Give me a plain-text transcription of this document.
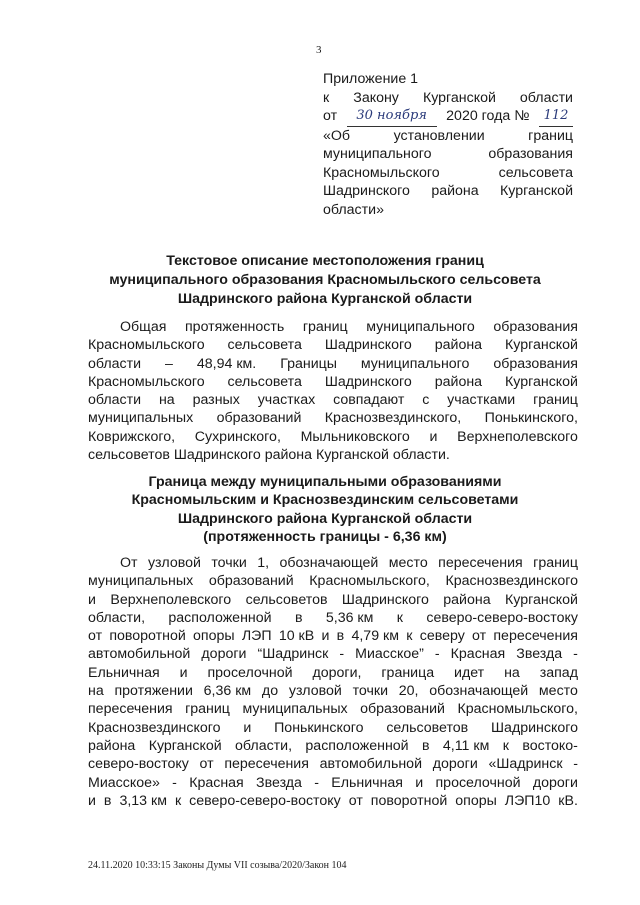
3
Приложение 1
к Закону Курганской области
от	30 ноября	2020 года №	112
«Об	установлении	границ
муниципального	образования
Красномыльского	сельсовета
Шадринского района Курганской
области»
Текстовое описание местоположения границ
муниципального образования Красномыльского сельсовета
Шадринского района Курганской области
Общая протяженность границ муниципального образования
Красномыльского сельсовета Шадринского района Курганской
области – 48,94 км. Границы муниципального образования
Красномыльского сельсовета Шадринского района Курганской
области на разных участках совпадают с участками границ
муниципальных образований Краснозвездинского, Понькинского,
Коврижского, Сухринского, Мыльниковского и Верхнеполевского
сельсоветов Шадринского района Курганской области.
Граница между муниципальными образованиями
Красномыльским и Краснозвездинским сельсоветами
Шадринского района Курганской области
(протяженность границы - 6,36 км)
От узловой точки 1, обозначающей место пересечения границ
муниципальных образований Красномыльского, Краснозвездинского
и Верхнеполевского сельсоветов Шадринского района Курганской
области, расположенной в 5,36 км к северо-северо-востоку
от поворотной опоры ЛЭП 10 кВ и в 4,79 км к северу от пересечения
автомобильной дороги “Шадринск - Миасское” - Красная Звезда -
Ельничная и проселочной дороги, граница идет на запад
на протяжении 6,36 км до узловой точки 20, обозначающей место
пересечения границ муниципальных образований Красномыльского,
Краснозвездинского и Понькинского сельсоветов Шадринского
района Курганской области, расположенной в 4,11 км к востоко-
северо-востоку от пересечения автомобильной дороги «Шадринск -
Миасское» - Красная Звезда - Ельничная и проселочной дороги
и в 3,13 км к северо-северо-востоку от поворотной опоры ЛЭП10 кВ.
24.11.2020 10:33:15 Законы Думы VII созыва/2020/Закон 104
